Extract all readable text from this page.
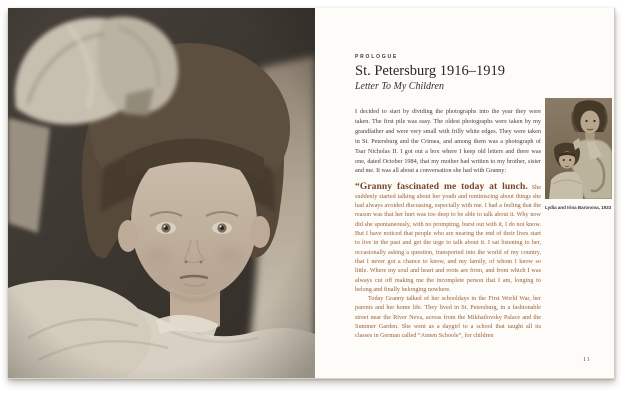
PROLOGUE
St. Petersburg 1916–1919
Letter To My Children

I decided to start by dividing the photographs into the year they were taken. The first pile was easy. The oldest photographs were taken by my grandfather and were very small with frilly white edges. They were taken in St. Petersburg and the Crimea, and among them was a photograph of Tsar Nicholas II. I got out a box where I keep old letters and there was one, dated October 1984, that my mother had written to my brother, sister and me. It was all about a conversation she had with Granny:

“Granny fascinated me today at lunch. She suddenly started talking about her youth and reminiscing about things she had always avoided discussing, especially with me. I had a feeling that the reason was that her hurt was too deep to be able to talk about it. Why now did she spontaneously, with no prompting, burst out with it, I do not know. But I have noticed that people who are nearing the end of their lives start to live in the past and get the urge to talk about it. I sat listening to her, occasionally asking a question, transported into the world of my country, that I never got a chance to know, and my family, of whom I know so little. Where my soul and heart and roots are from, and from which I was always cut off making me the incomplete person that I am, longing to belong and finally belonging nowhere.

Today Granny talked of her schooldays in the First World War, her parents and her home life. They lived in St. Petersburg, in a fashionable street near the River Neva, across from the Mikhailovsky Palace and the Summer Garden. She went as a daygirl to a school that taught all its classes in German called “Annen Schoole”, for children

Lydia and Irina Baronova, 1933
11
